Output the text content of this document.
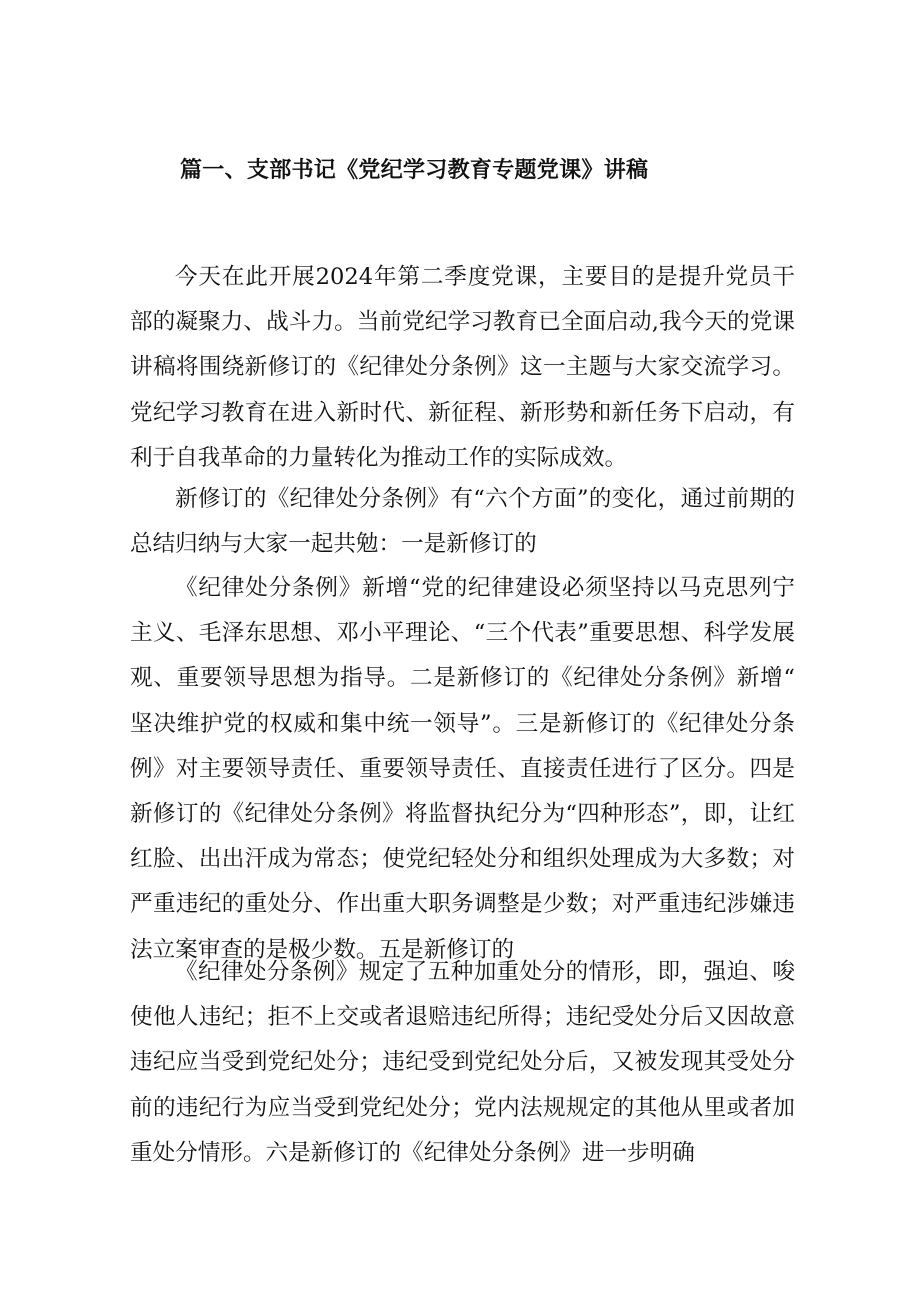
篇一、支部书记《党纪学习教育专题党课》讲稿

今天在此开展2024年第二季度党课，主要目的是提升党员干部的凝聚力、战斗力。当前党纪学习教育已全面启动,我今天的党课讲稿将围绕新修订的《纪律处分条例》这一主题与大家交流学习。党纪学习教育在进入新时代、新征程、新形势和新任务下启动，有利于自我革命的力量转化为推动工作的实际成效。

新修订的《纪律处分条例》有“六个方面”的变化，通过前期的总结归纳与大家一起共勉：一是新修订的

《纪律处分条例》新增“党的纪律建设必须坚持以马克思列宁主义、毛泽东思想、邓小平理论、“三个代表”重要思想、科学发展观、重要领导思想为指导。二是新修订的《纪律处分条例》新增“坚决维护党的权威和集中统一领导”。三是新修订的《纪律处分条例》对主要领导责任、重要领导责任、直接责任进行了区分。四是新修订的《纪律处分条例》将监督执纪分为“四种形态”，即，让红红脸、出出汗成为常态；使党纪轻处分和组织处理成为大多数；对严重违纪的重处分、作出重大职务调整是少数；对严重违纪涉嫌违法立案审查的是极少数。五是新修订的

《纪律处分条例》规定了五种加重处分的情形，即，强迫、唆使他人违纪；拒不上交或者退赔违纪所得；违纪受处分后又因故意违纪应当受到党纪处分；违纪受到党纪处分后，又被发现其受处分前的违纪行为应当受到党纪处分；党内法规规定的其他从里或者加重处分情形。六是新修订的《纪律处分条例》进一步明确
